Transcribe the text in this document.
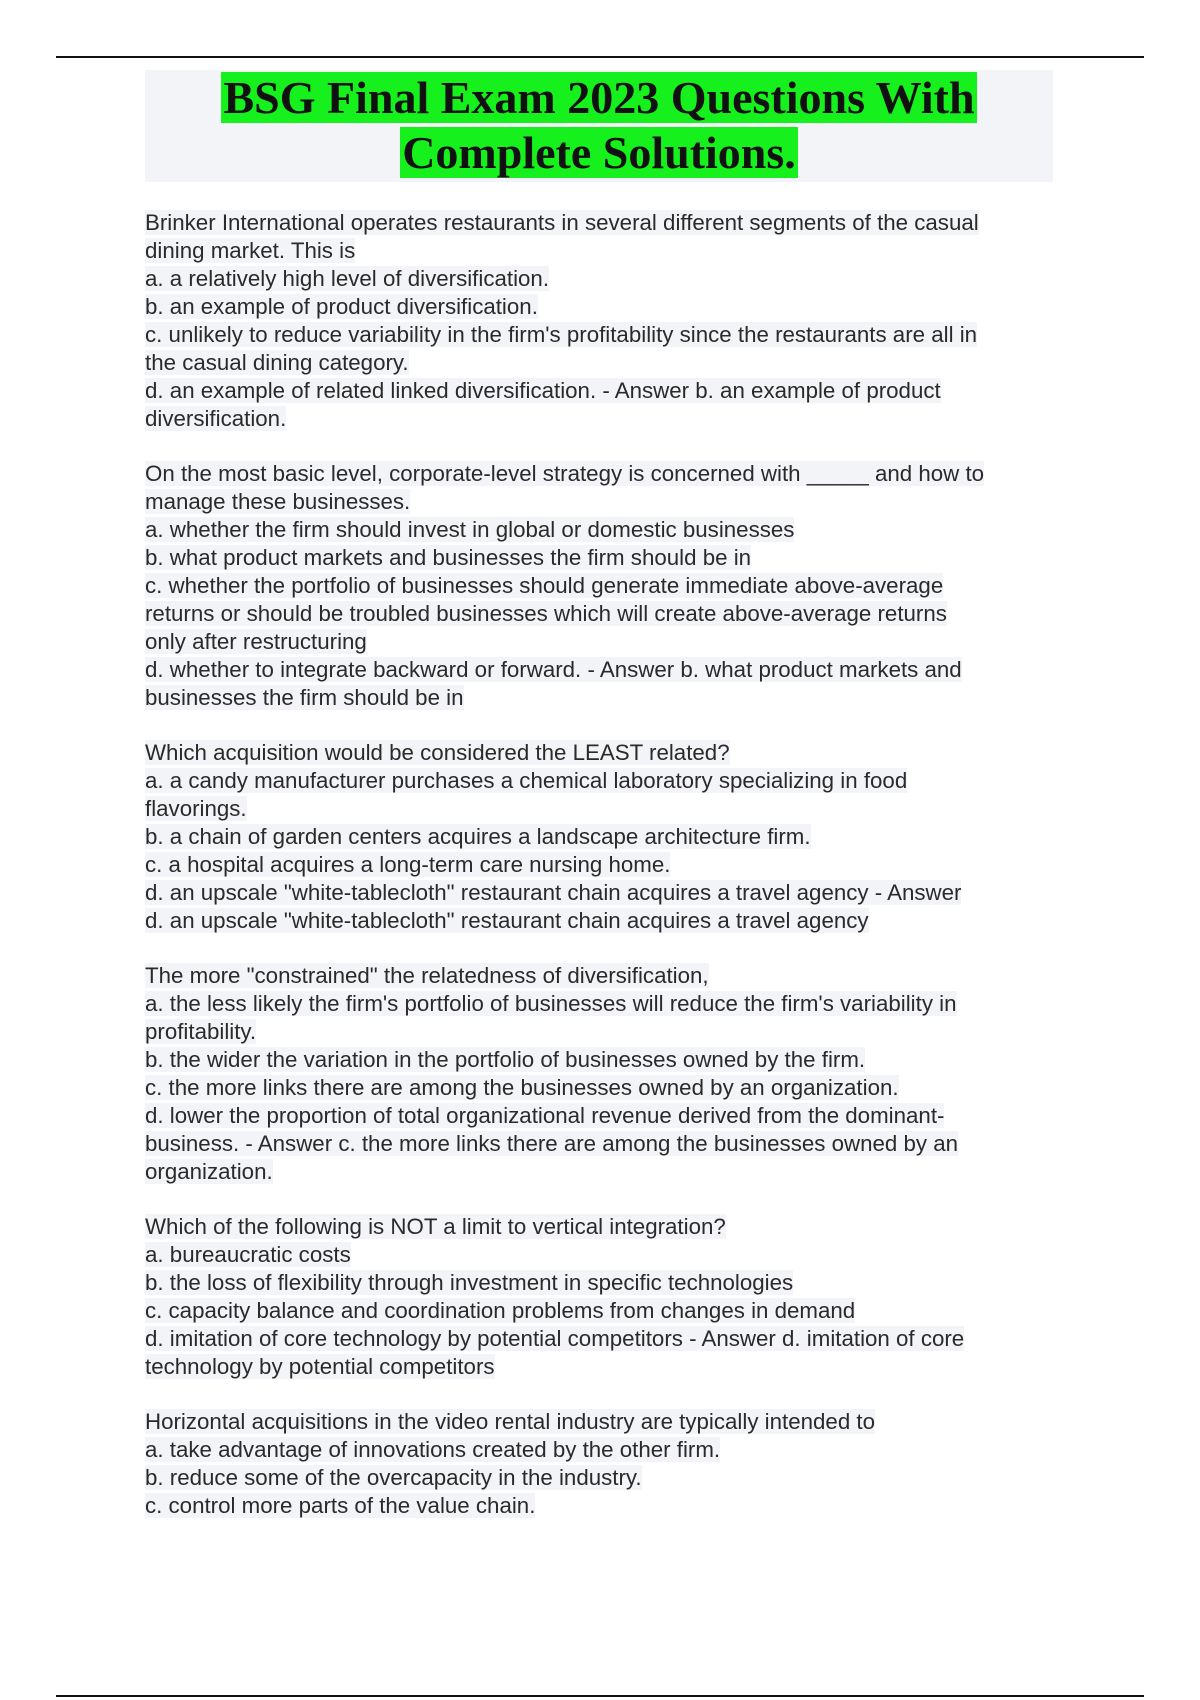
BSG Final Exam 2023 Questions With
Complete Solutions.
Brinker International operates restaurants in several different segments of the casual
dining market. This is
a. a relatively high level of diversification.
b. an example of product diversification.
c. unlikely to reduce variability in the firm's profitability since the restaurants are all in
the casual dining category.
d. an example of related linked diversification. - Answer b. an example of product
diversification.
On the most basic level, corporate-level strategy is concerned with _____ and how to
manage these businesses.
a. whether the firm should invest in global or domestic businesses
b. what product markets and businesses the firm should be in
c. whether the portfolio of businesses should generate immediate above-average
returns or should be troubled businesses which will create above-average returns
only after restructuring
d. whether to integrate backward or forward. - Answer b. what product markets and
businesses the firm should be in
Which acquisition would be considered the LEAST related?
a. a candy manufacturer purchases a chemical laboratory specializing in food
flavorings.
b. a chain of garden centers acquires a landscape architecture firm.
c. a hospital acquires a long-term care nursing home.
d. an upscale "white-tablecloth" restaurant chain acquires a travel agency - Answer
d. an upscale "white-tablecloth" restaurant chain acquires a travel agency
The more "constrained" the relatedness of diversification,
a. the less likely the firm's portfolio of businesses will reduce the firm's variability in
profitability.
b. the wider the variation in the portfolio of businesses owned by the firm.
c. the more links there are among the businesses owned by an organization.
d. lower the proportion of total organizational revenue derived from the dominant-
business. - Answer c. the more links there are among the businesses owned by an
organization.
Which of the following is NOT a limit to vertical integration?
a. bureaucratic costs
b. the loss of flexibility through investment in specific technologies
c. capacity balance and coordination problems from changes in demand
d. imitation of core technology by potential competitors - Answer d. imitation of core
technology by potential competitors
Horizontal acquisitions in the video rental industry are typically intended to
a. take advantage of innovations created by the other firm.
b. reduce some of the overcapacity in the industry.
c. control more parts of the value chain.
